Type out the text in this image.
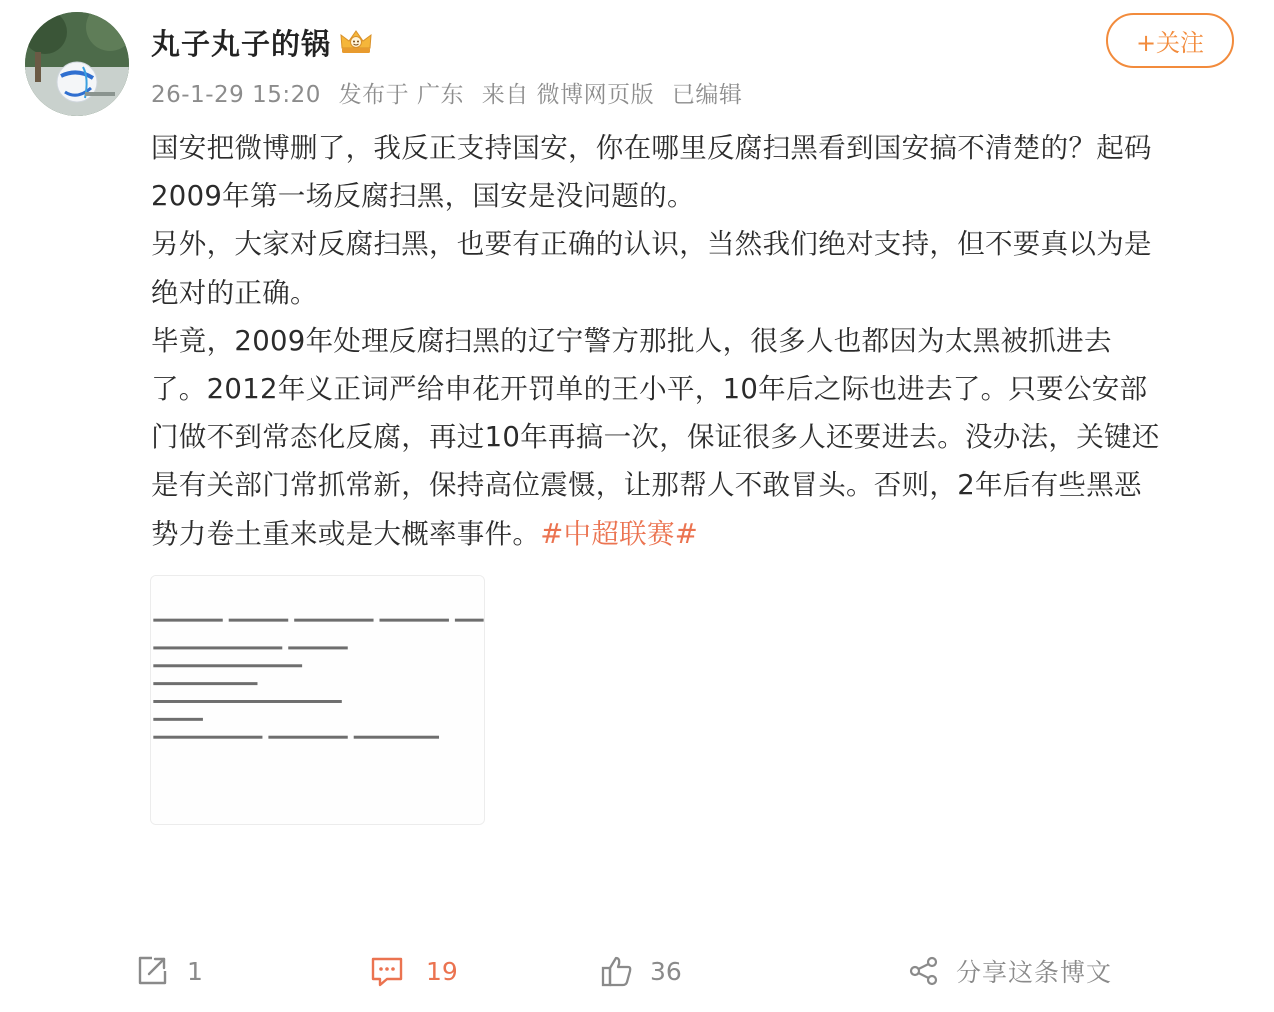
丸子丸子的锅
26-1-29 15:20 发布于 广东 来自 微博网页版 已编辑
+关注

国安把微博删了，我反正支持国安，你在哪里反腐扫黑看到国安搞不清楚的？起码

2009年第一场反腐扫黑，国安是没问题的。

另外，大家对反腐扫黑，也要有正确的认识，当然我们绝对支持，但不要真以为是

绝对的正确。

毕竟，2009年处理反腐扫黑的辽宁警方那批人，很多人也都因为太黑被抓进去

了。2012年义正词严给申花开罚单的王小平，10年后之际也进去了。只要公安部

门做不到常态化反腐，再过10年再搞一次，保证很多人还要进去。没办法，关键还

是有关部门常抓常新，保持高位震慑，让那帮人不敢冒头。否则，2年后有些黑恶

势力卷土重来或是大概率事件。#中超联赛#

1	19	36	分享这条博文
